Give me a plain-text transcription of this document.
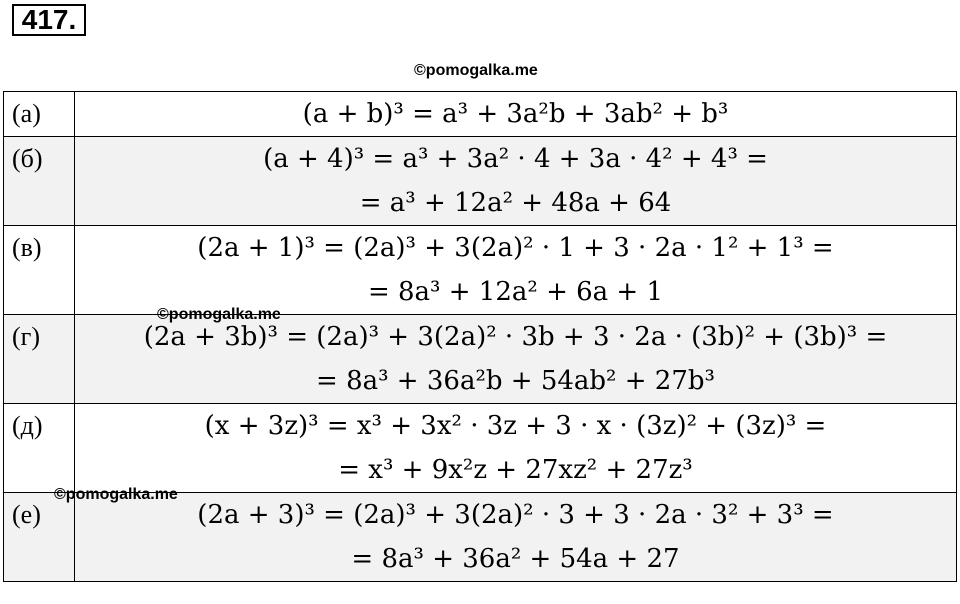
417.
©pomogalka.me
(а)	(a + b)³ = a³ + 3a²b + 3ab² + b³

(б)	(a + 4)³ = a³ + 3a² · 4 + 3a · 4² + 4³ =
= a³ + 12a² + 48a + 64

(в)	(2a + 1)³ = (2a)³ + 3(2a)² · 1 + 3 · 2a · 1² + 1³ =
= 8a³ + 12a² + 6a + 1

(г)	(2a + 3b)³ = (2a)³ + 3(2a)² · 3b + 3 · 2a · (3b)² + (3b)³ =
= 8a³ + 36a²b + 54ab² + 27b³

(д)	(x + 3z)³ = x³ + 3x² · 3z + 3 · x · (3z)² + (3z)³ =
= x³ + 9x²z + 27xz² + 27z³

(е)	(2a + 3)³ = (2a)³ + 3(2a)² · 3 + 3 · 2a · 3² + 3³ =
= 8a³ + 36a² + 54a + 27
©pomogalka.me
©pomogalka.me
